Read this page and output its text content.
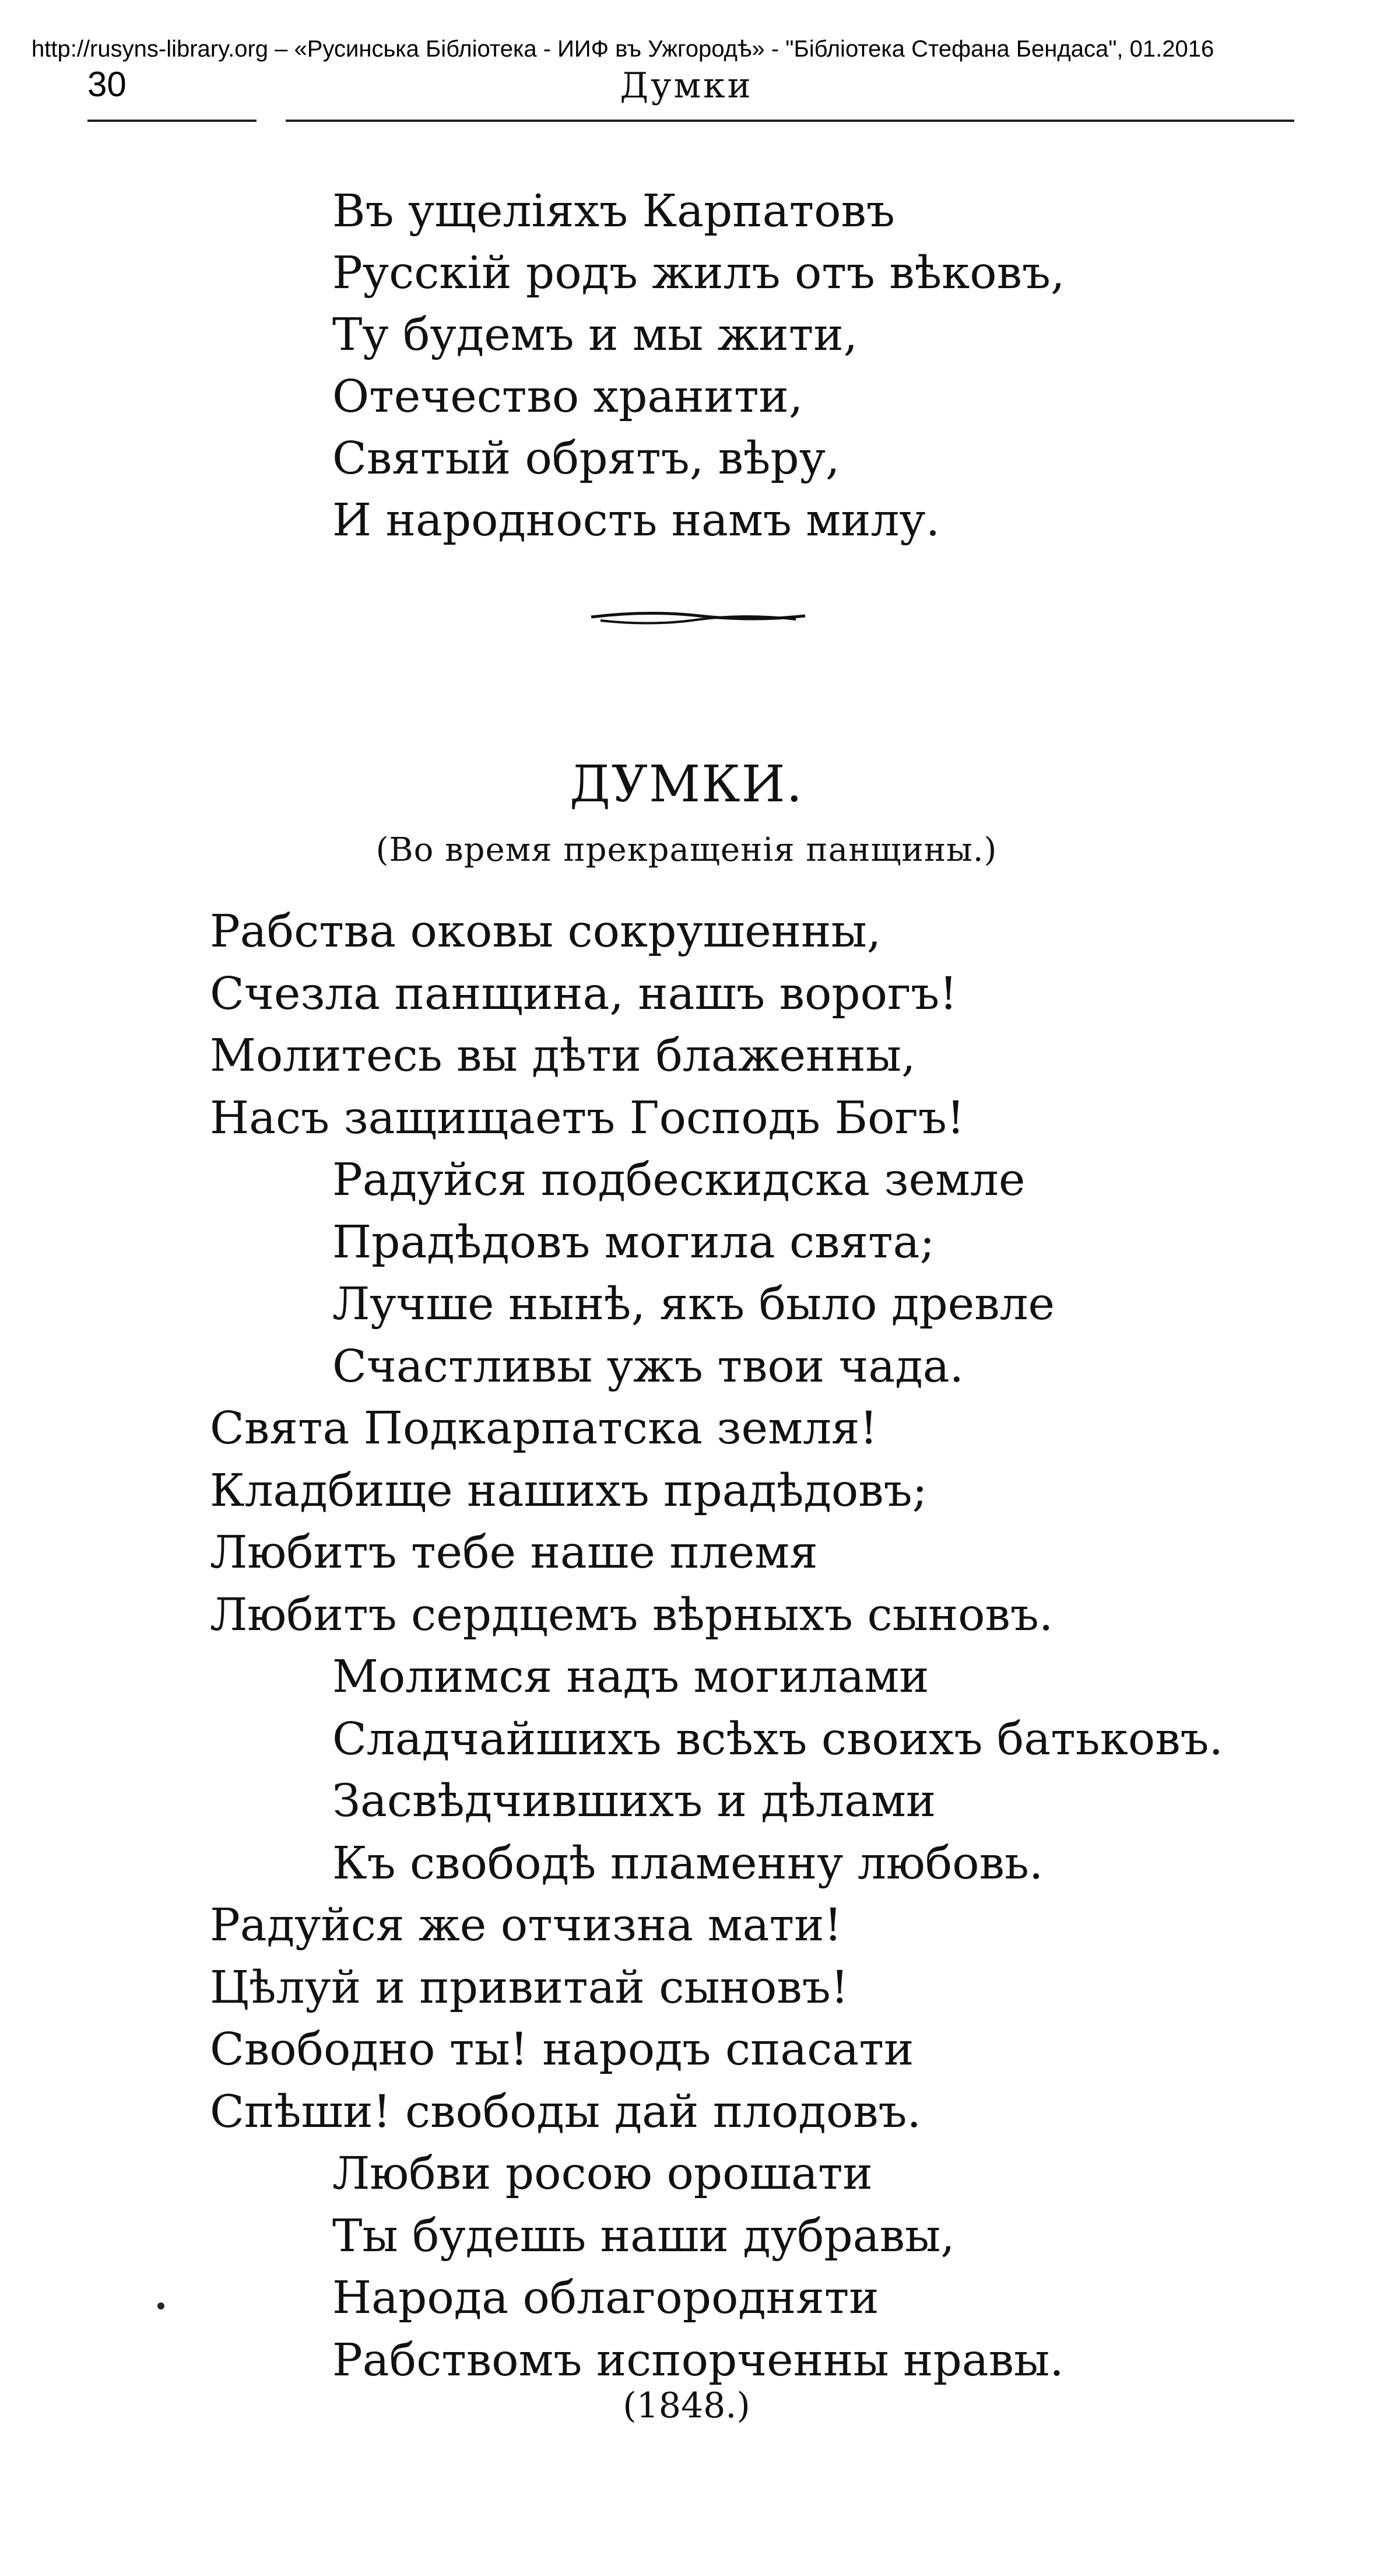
http://rusyns-library.org – «Русинська Бібліотека - ИИФ въ Ужгородѣ» - "Бібліотека Стефана Бендаса", 01.2016
30	Думки
Въ ущеліяхъ Карпатовъ
Русскій родъ жилъ отъ вѣковъ,
Ту будемъ и мы жити,
Отечество хранити,
Святый обрятъ, вѣру,
И народность намъ милу.
ДУМКИ.
(Во время прекращенія панщины.)
Рабства оковы сокрушенны,
Счезла панщина, нашъ ворогъ!
Молитесь вы дѣти блаженны,
Насъ защищаетъ Господь Богъ!
Радуйся подбескидска земле
Прадѣдовъ могила свята;
Лучше нынѣ, якъ было древле
Счастливы ужъ твои чада.
Свята Подкарпатска земля!
Кладбище нашихъ прадѣдовъ;
Любитъ тебе наше племя
Любитъ сердцемъ вѣрныхъ сыновъ.
Молимся надъ могилами
Сладчайшихъ всѣхъ своихъ батьковъ.
Засвѣдчившихъ и дѣлами
Къ свободѣ пламенну любовь.
Радуйся же отчизна мати!
Цѣлуй и привитай сыновъ!
Свободно ты! народъ спасати
Спѣши! свободы дай плодовъ.
Любви росою орошати
Ты будешь наши дубравы,
Народа облагородняти
Рабствомъ испорченны нравы.
(1848.)
